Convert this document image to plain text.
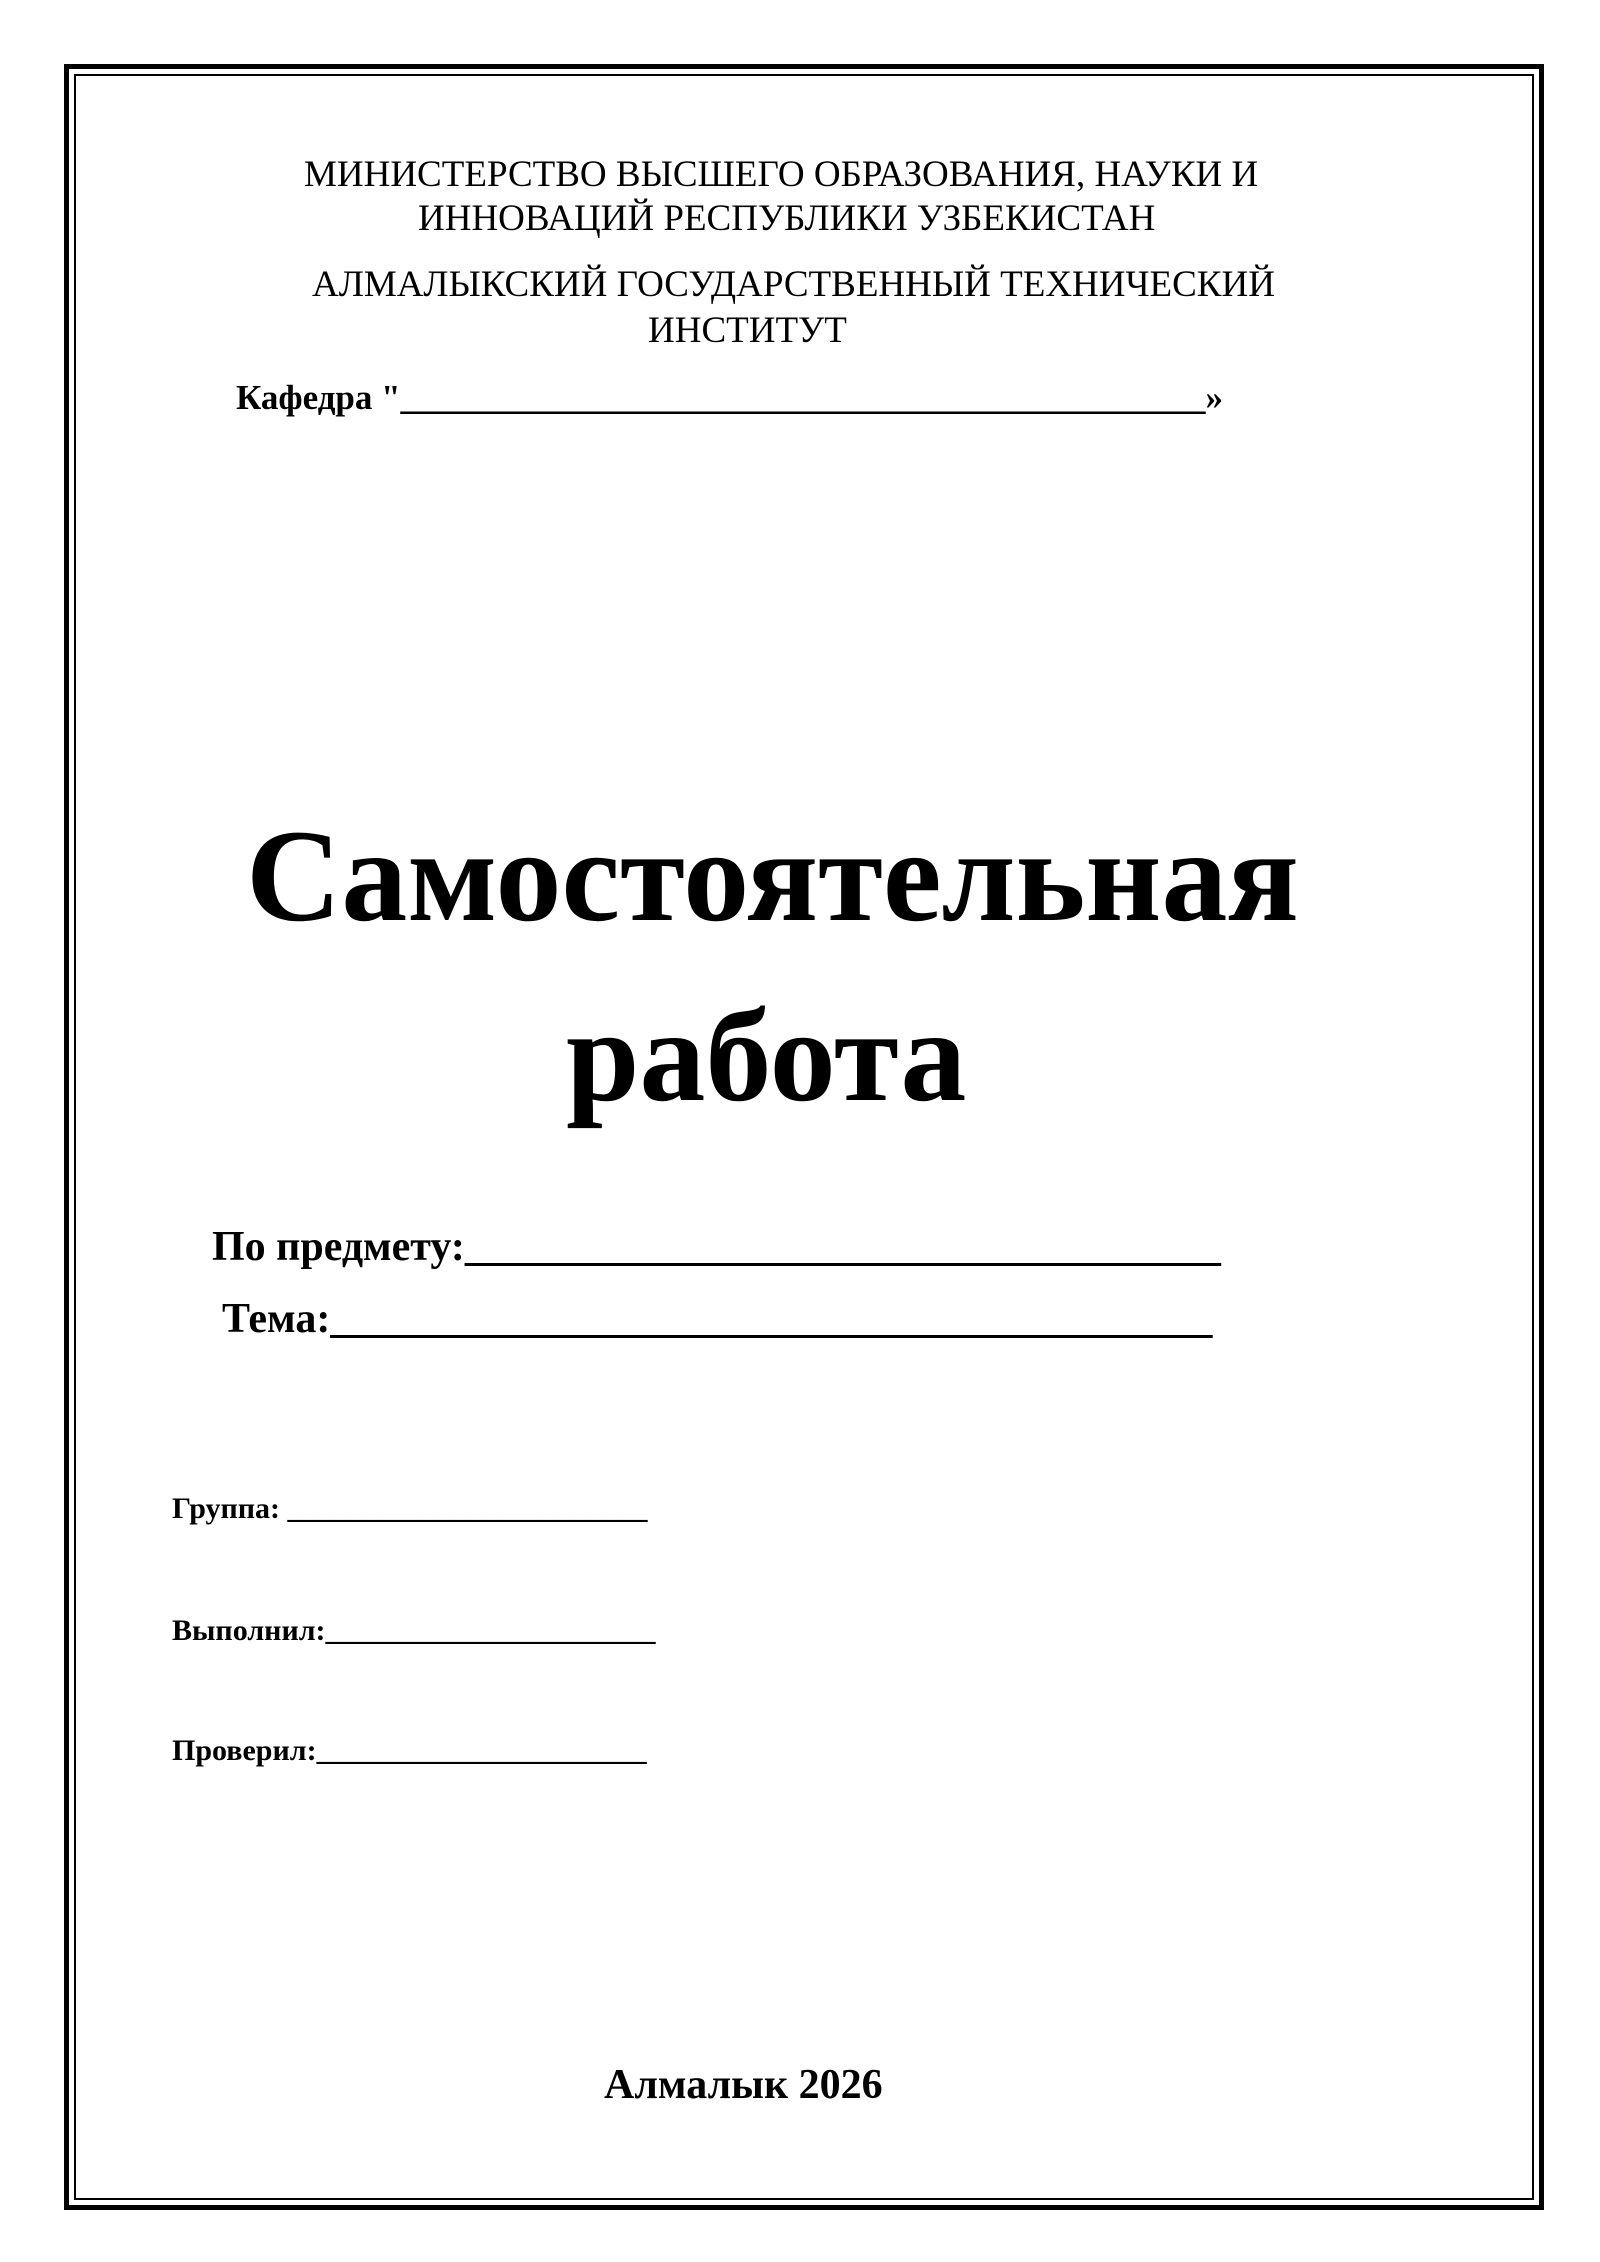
МИНИСТЕРСТВО ВЫСШЕГО ОБРАЗОВАНИЯ, НАУКИ И
ИННОВАЦИЙ РЕСПУБЛИКИ УЗБЕКИСТАН
АЛМАЛЫКСКИЙ ГОСУДАРСТВЕННЫЙ ТЕХНИЧЕСКИЙ
ИНСТИТУТ
Кафедра "______________________________________________»
Самостоятельная
работа
По предмету:____________________________________
Тема:__________________________________________
Группа: ________________________
Выполнил:______________________
Проверил:______________________
Алмалык 2026
